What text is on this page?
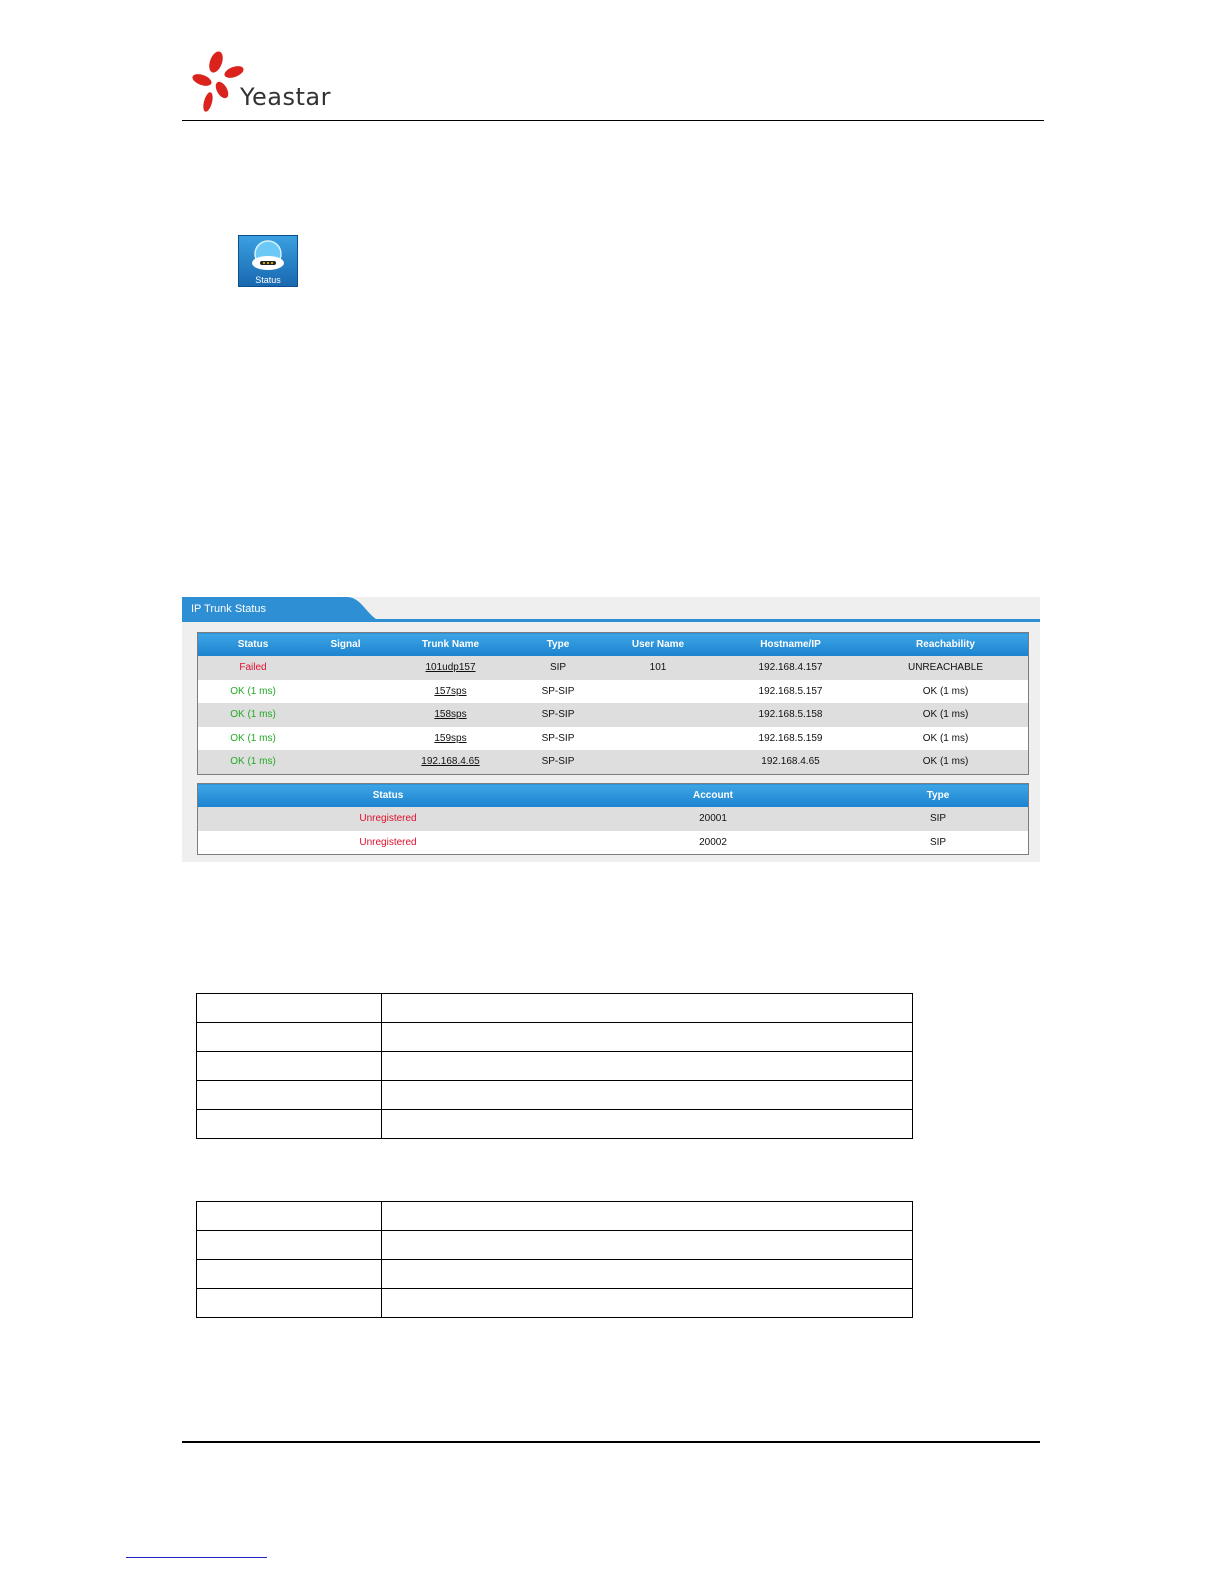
Yeastar
Status
IP Trunk Status
Status	Signal	Trunk Name	Type	User Name	Hostname/IP	Reachability
Failed		101udp157	SIP	101	192.168.4.157	UNREACHABLE
OK (1 ms)		157sps	SP-SIP		192.168.5.157	OK (1 ms)
OK (1 ms)		158sps	SP-SIP		192.168.5.158	OK (1 ms)
OK (1 ms)		159sps	SP-SIP		192.168.5.159	OK (1 ms)
OK (1 ms)		192.168.4.65	SP-SIP		192.168.4.65	OK (1 ms)
Status	Account	Type
Unregistered	20001	SIP
Unregistered	20002	SIP
